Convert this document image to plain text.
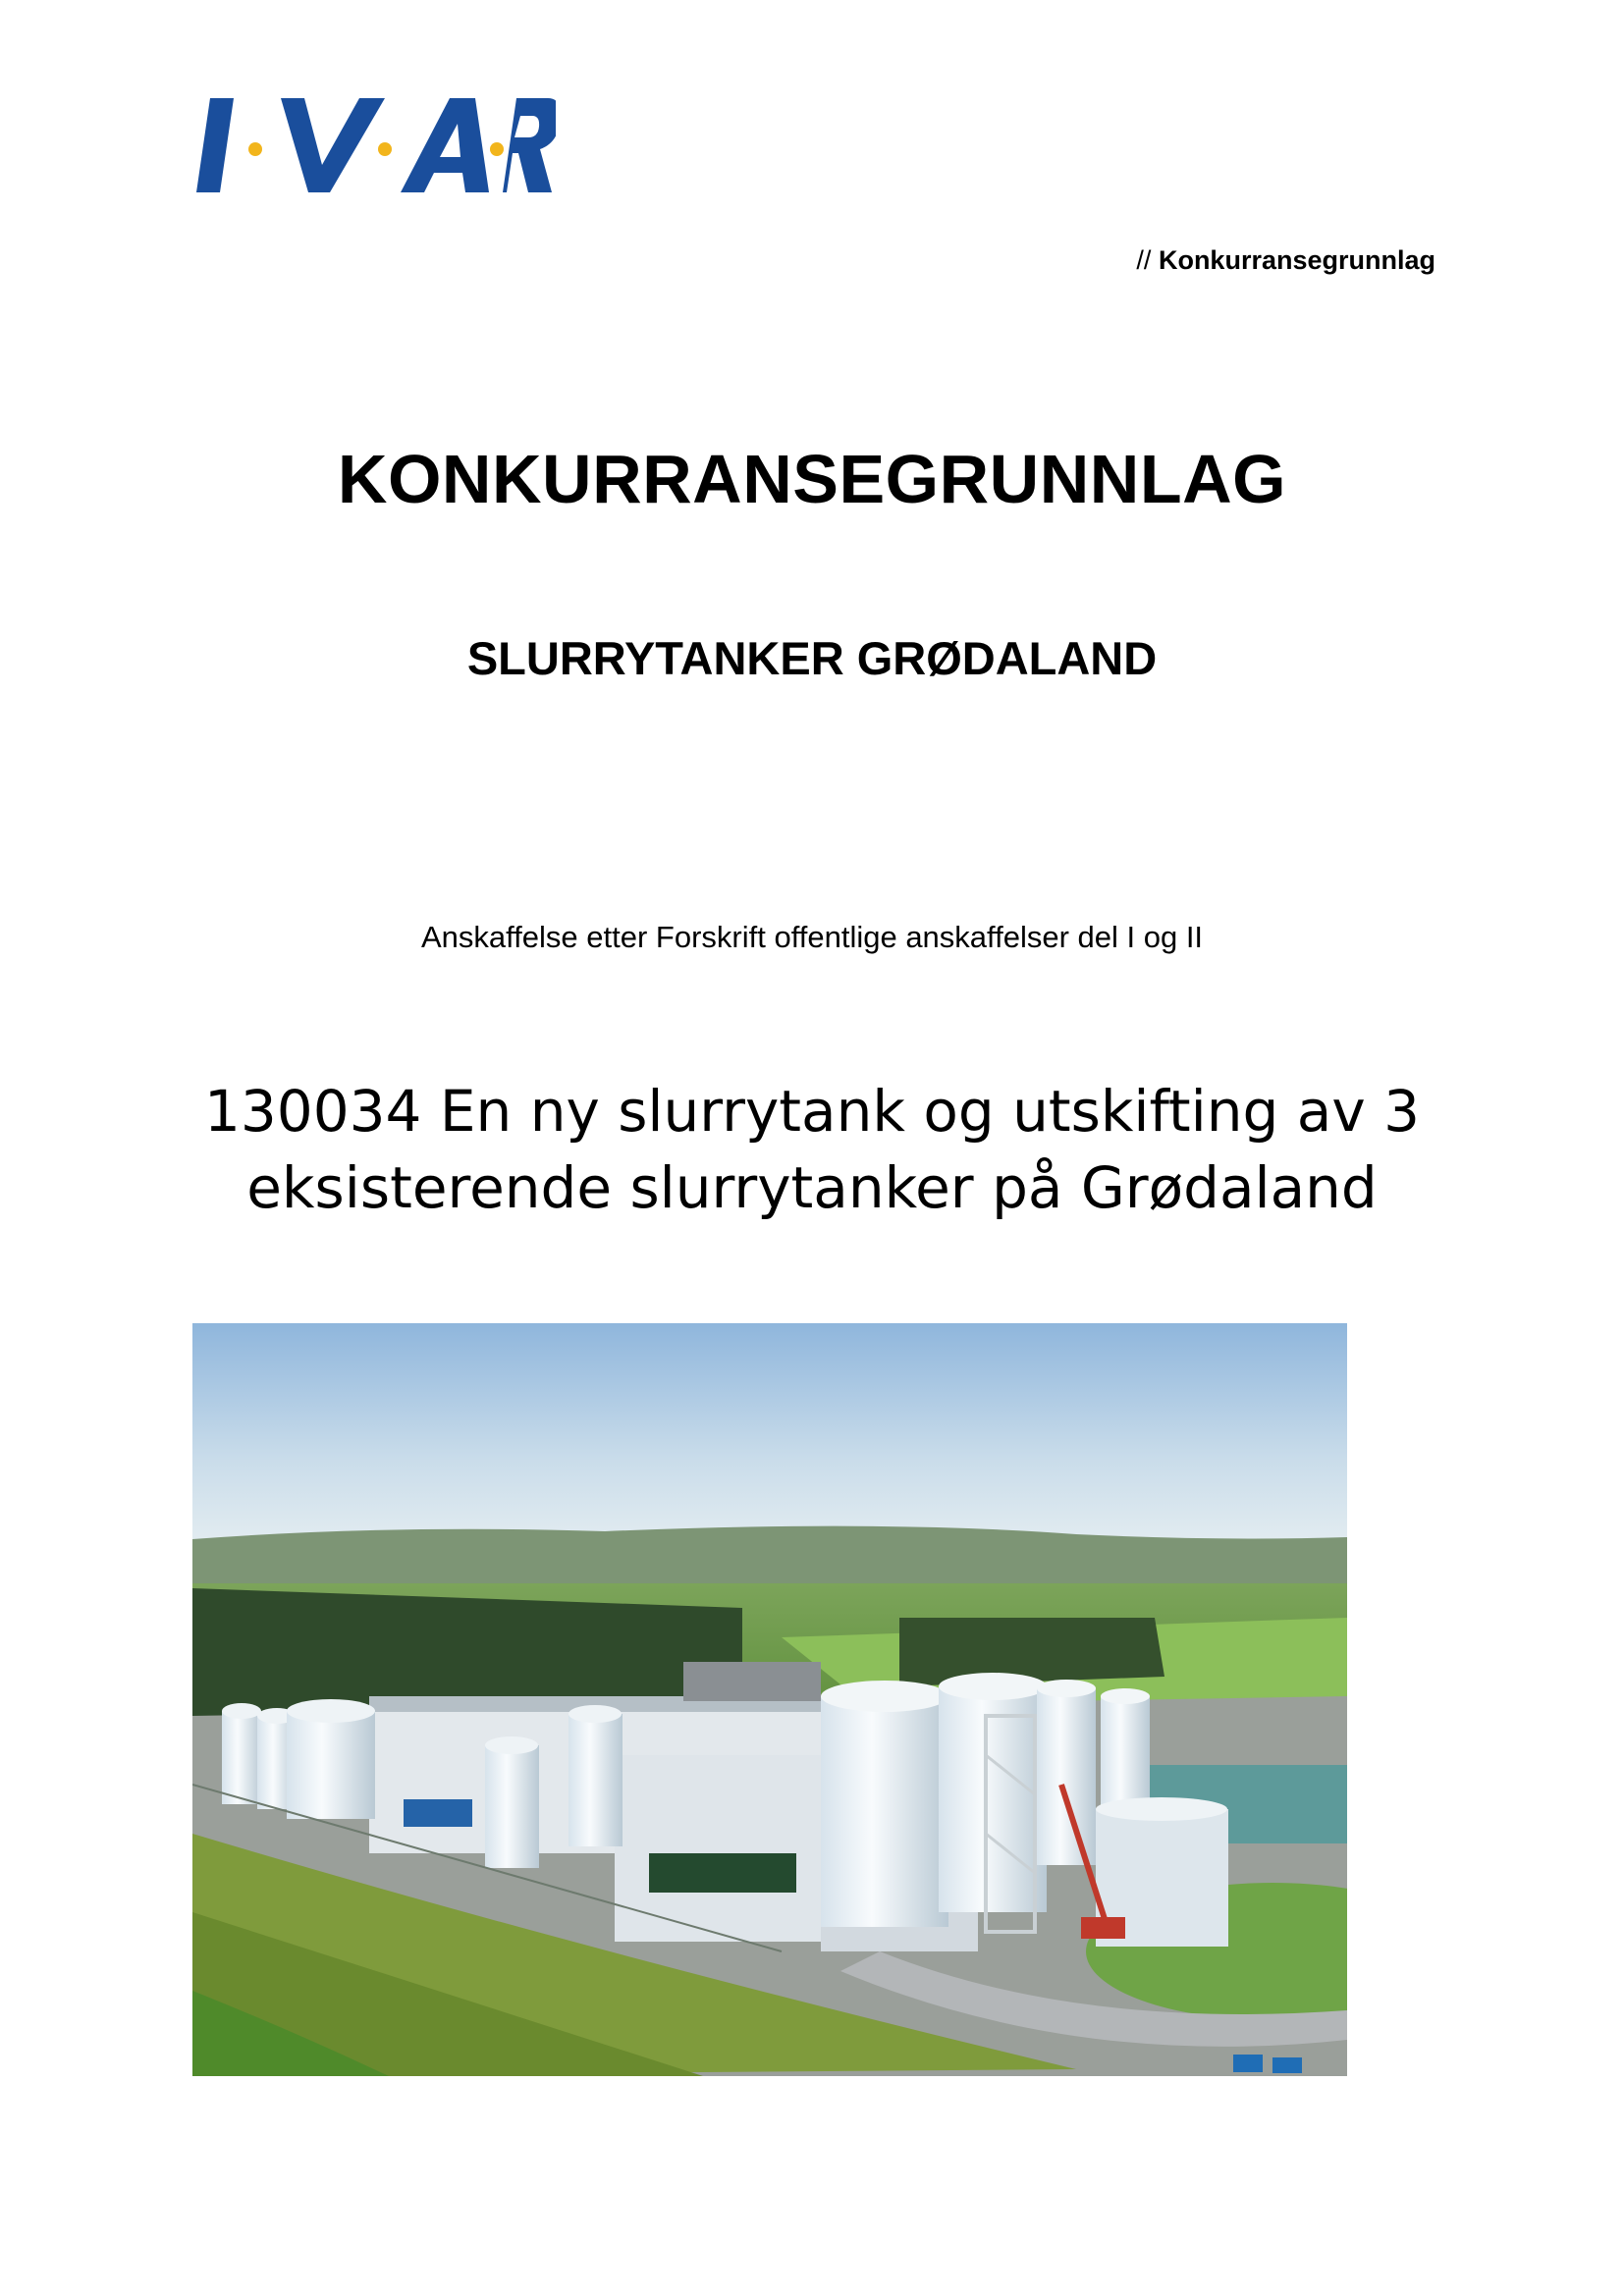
// Konkurransegrunnlag
KONKURRANSEGRUNNLAG
SLURRYTANKER GRØDALAND
Anskaffelse etter Forskrift offentlige anskaffelser del I og II
130034 En ny slurrytank og utskifting av 3
eksisterende slurrytanker på Grødaland
